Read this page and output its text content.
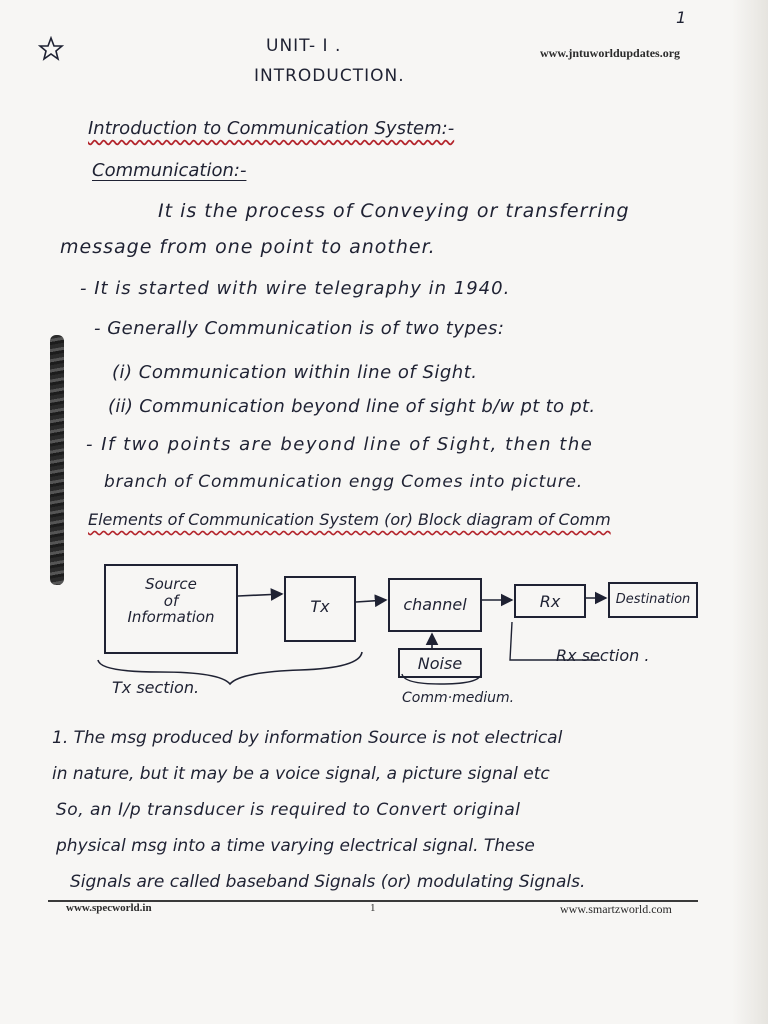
1
UNIT- I .
INTRODUCTION.
www.jntuworldupdates.org
Introduction to Communication System:-
Communication:-
It is the process of Conveying or transferring
message from one point to another.
- It is started with wire telegraphy in 1940.
- Generally Communication is of two types:
(i) Communication within line of Sight.
(ii) Communication beyond line of sight b/w pt to pt.
- If two points are beyond line of Sight, then the
branch of Communication engg Comes into picture.
Elements of Communication System (or) Block diagram of Comm
Source
of
Information
Tx	channel
Noise
Rx	Destination
Tx section.
Rx section .
Comm·medium.
1. The msg produced by information Source is not electrical
in nature, but it may be a voice signal, a picture signal etc
So, an I/p transducer is required to Convert original
physical msg into a time varying electrical signal. These
Signals are called baseband Signals (or) modulating Signals.
www.specworld.in	1	www.smartzworld.com
